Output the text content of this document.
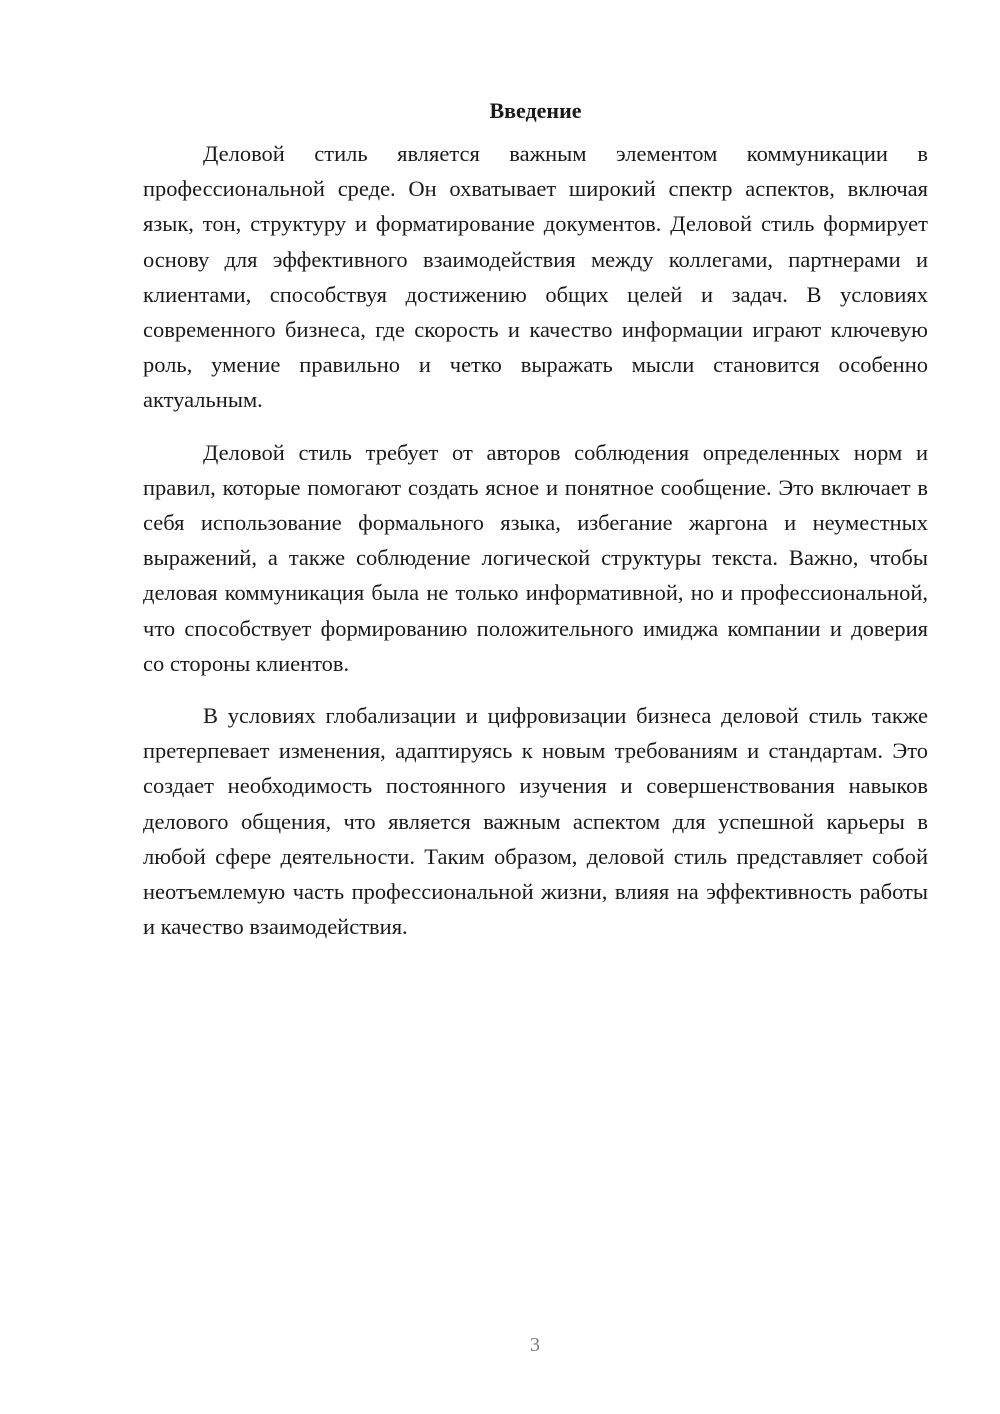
Введение

Деловой стиль является важным элементом коммуникации в профессиональной среде. Он охватывает широкий спектр аспектов, включая язык, тон, структуру и форматирование документов. Деловой стиль формирует основу для эффективного взаимодействия между коллегами, партнерами и клиентами, способствуя достижению общих целей и задач. В условиях современного бизнеса, где скорость и качество информации играют ключевую роль, умение правильно и четко выражать мысли становится особенно актуальным.

Деловой стиль требует от авторов соблюдения определенных норм и правил, которые помогают создать ясное и понятное сообщение. Это включает в себя использование формального языка, избегание жаргона и неуместных выражений, а также соблюдение логической структуры текста. Важно, чтобы деловая коммуникация была не только информативной, но и профессиональной, что способствует формированию положительного имиджа компании и доверия со стороны клиентов.

В условиях глобализации и цифровизации бизнеса деловой стиль также претерпевает изменения, адаптируясь к новым требованиям и стандартам. Это создает необходимость постоянного изучения и совершенствования навыков делового общения, что является важным аспектом для успешной карьеры в любой сфере деятельности. Таким образом, деловой стиль представляет собой неотъемлемую часть профессиональной жизни, влияя на эффективность работы и качество взаимодействия.

3
